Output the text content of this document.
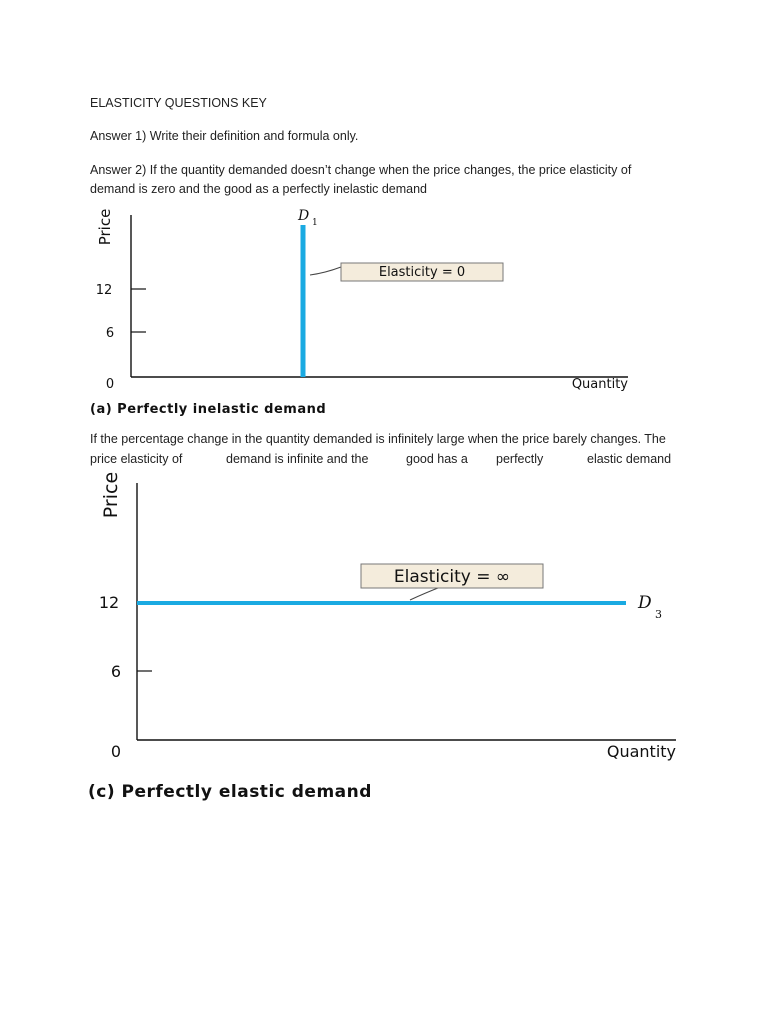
ELASTICITY QUESTIONS KEY

Answer 1) Write their definition and formula only.

Answer 2) If the quantity demanded doesn’t change when the price changes, the price elasticity of

demand is zero and the good as a perfectly inelastic demand

Price
12
6
0	Quantity
D 1
Elasticity = 0
(a) Perfectly inelastic demand

If the percentage change in the quantity demanded is infinitely large when the price barely changes. The

price elasticity of	demand is infinite and the	good has a perfectly	elastic demand

Price
12
6
0	Quantity
D
3
Elasticity = ∞
(c) Perfectly elastic demand
